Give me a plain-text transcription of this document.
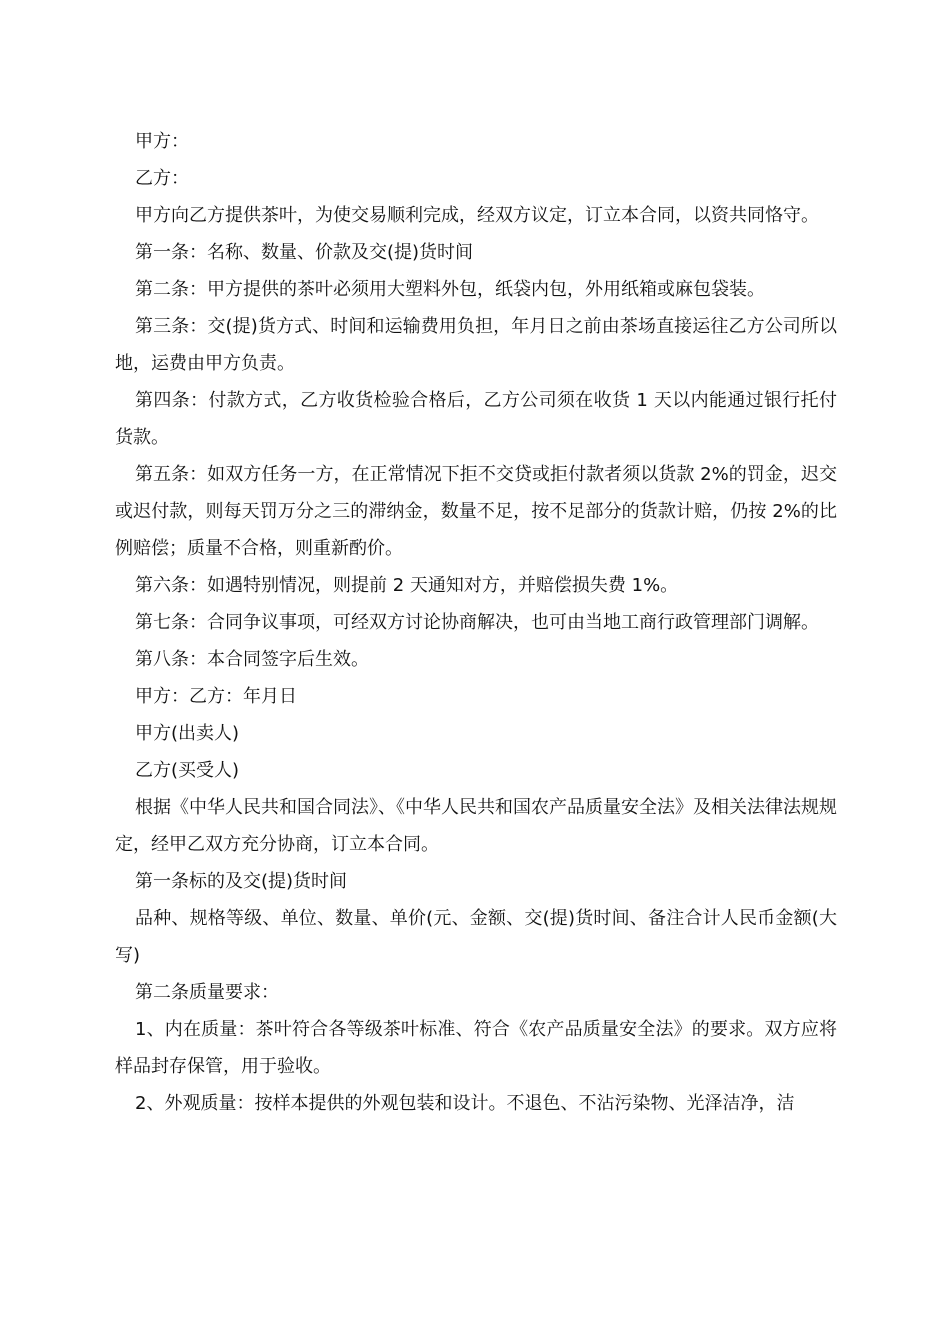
甲方：

乙方：

甲方向乙方提供茶叶，为使交易顺利完成，经双方议定，订立本合同，以资共同恪守。

第一条：名称、数量、价款及交(提)货时间

第二条：甲方提供的茶叶必须用大塑料外包，纸袋内包，外用纸箱或麻包袋装。

第三条：交(提)货方式、时间和运输费用负担，年月日之前由茶场直接运往乙方公司所以地，运费由甲方负责。

第四条：付款方式，乙方收货检验合格后，乙方公司须在收货 1 天以内能通过银行托付货款。

第五条：如双方任务一方，在正常情况下拒不交贷或拒付款者须以货款 2%的罚金，迟交或迟付款，则每天罚万分之三的滞纳金，数量不足，按不足部分的货款计赔，仍按 2%的比例赔偿；质量不合格，则重新酌价。

第六条：如遇特别情况，则提前 2 天通知对方，并赔偿损失费 1%。

第七条：合同争议事项，可经双方讨论协商解决，也可由当地工商行政管理部门调解。

第八条：本合同签字后生效。

甲方：乙方：年月日

甲方(出卖人)

乙方(买受人)

根据《中华人民共和国合同法》、《中华人民共和国农产品质量安全法》及相关法律法规规定，经甲乙双方充分协商，订立本合同。

第一条标的及交(提)货时间

品种、规格等级、单位、数量、单价(元、金额、交(提)货时间、备注合计人民币金额(大写)

第二条质量要求：

1、内在质量：茶叶符合各等级茶叶标准、符合《农产品质量安全法》的要求。双方应将样品封存保管，用于验收。

2、外观质量：按样本提供的外观包装和设计。不退色、不沾污染物、光泽洁净，洁
